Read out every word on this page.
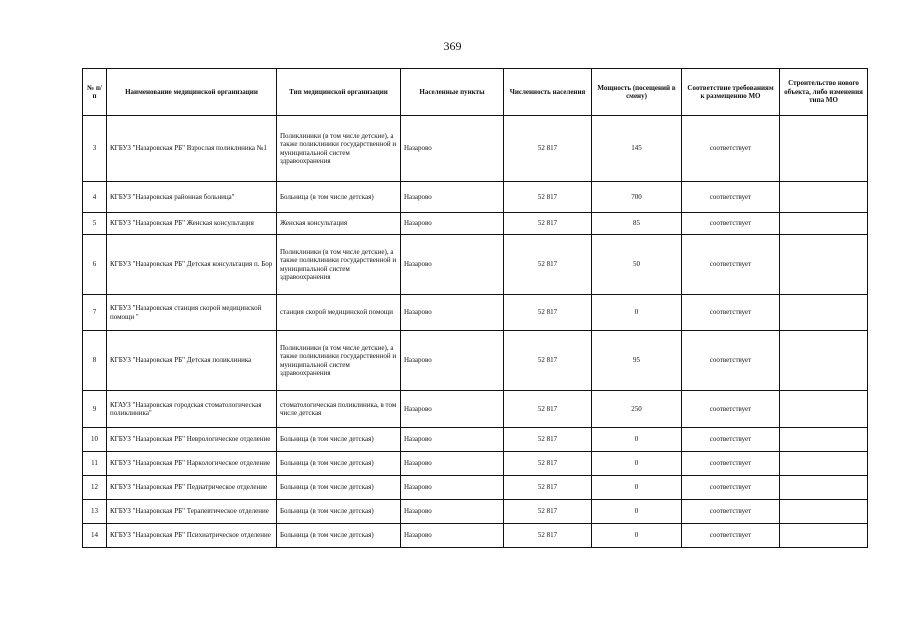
369
№ п/п	Наименование медицинской организации	Тип медицинской организации	Населенные пункты	Численность населения	Мощность (посещений в смену)	Соответствие требованиям к размещению МО	Строительство нового объекта, либо изменения типа МО
3	КГБУЗ "Назаровская РБ" Взрослая поликлиника №1	Поликлиники (в том числе детские), а также поликлиники государственной и муниципальной систем здравоохранения	Назарово	52 817	145	соответствует	
4	КГБУЗ "Назаровская районная больница"	Больница (в том числе детская)	Назарово	52 817	700	соответствует	
5	КГБУЗ "Назаровская РБ" Женская консультация	Женская консультация	Назарово	52 817	85	соответствует	
6	КГБУЗ "Назаровская РБ" Детская консультация п. Бор	Поликлиники (в том числе детские), а также поликлиники государственной и муниципальной систем здравоохранения	Назарово	52 817	50	соответствует	
7	КГБУЗ "Назаровская станция скорой медицинской помощи "	станция скорой медицинской помощи	Назарово	52 817	0	соответствует	
8	КГБУЗ "Назаровская РБ" Детская поликлиника	Поликлиники (в том числе детские), а также поликлиники государственной и муниципальной систем здравоохранения	Назарово	52 817	95	соответствует	
9	КГАУЗ "Назаровская городская стоматологическая поликлиника"	стоматологическая поликлиника, в том числе детская	Назарово	52 817	250	соответствует	
10	КГБУЗ "Назаровская РБ" Неврологическое отделение	Больница (в том числе детская)	Назарово	52 817	0	соответствует	
11	КГБУЗ "Назаровская РБ" Наркологическое отделение	Больница (в том числе детская)	Назарово	52 817	0	соответствует	
12	КГБУЗ "Назаровская РБ" Педиатрическое отделение	Больница (в том числе детская)	Назарово	52 817	0	соответствует	
13	КГБУЗ "Назаровская РБ" Терапевтическое отделение	Больница (в том числе детская)	Назарово	52 817	0	соответствует	
14	КГБУЗ "Назаровская РБ" Психиатрическое отделение	Больница (в том числе детская)	Назарово	52 817	0	соответствует	
